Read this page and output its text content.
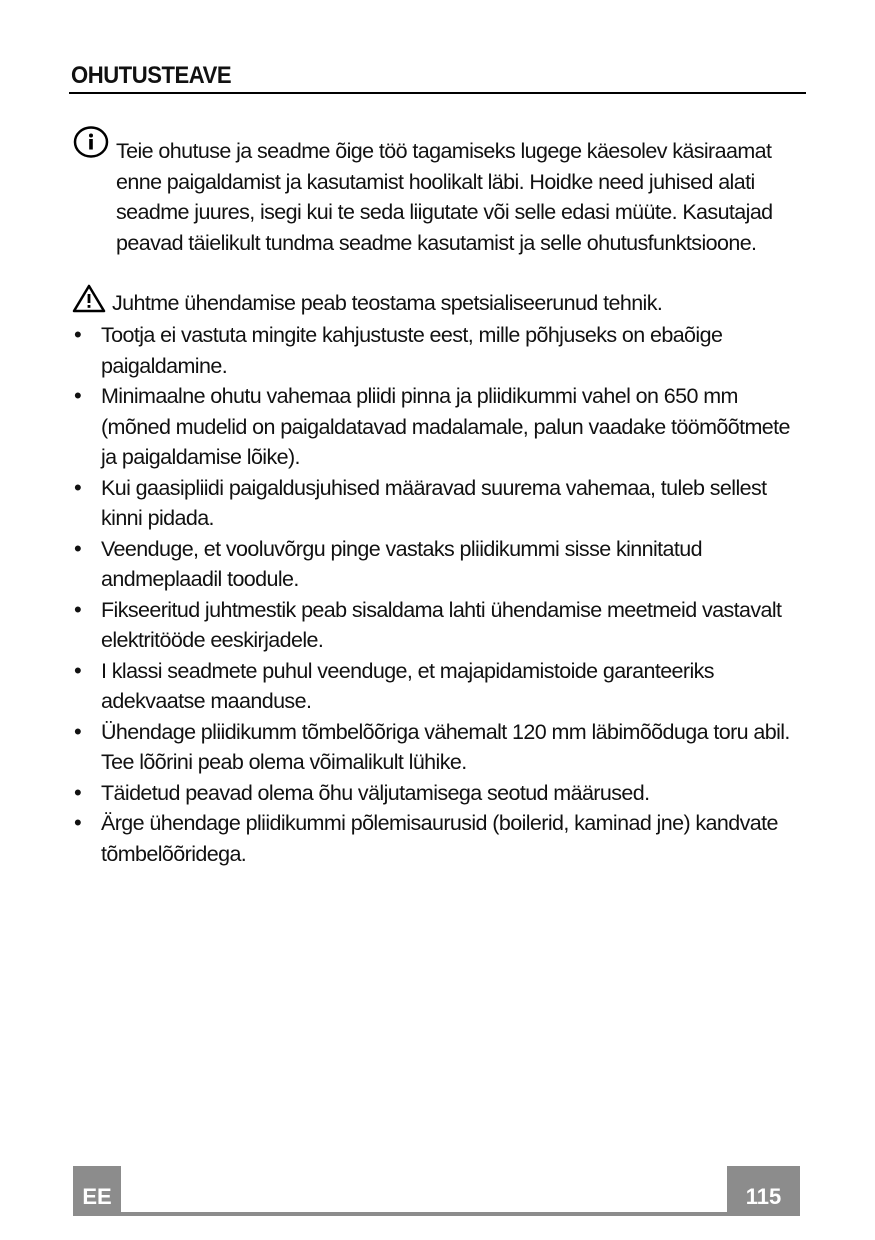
OHUTUSTEAVE
Teie ohutuse ja seadme õige töö tagamiseks lugege käesolev käsiraamat enne paigaldamist ja kasutamist hoolikalt läbi. Hoidke need juhised alati seadme juures, isegi kui te seda liigutate või selle edasi müüte. Kasutajad peavad täielikult tundma seadme kasutamist ja selle ohutusfunktsioone.
Juhtme ühendamise peab teostama spetsialiseerunud tehnik.
• Tootja ei vastuta mingite kahjustuste eest, mille põhjuseks on ebaõige paigaldamine.
• Minimaalne ohutu vahemaa pliidi pinna ja pliidikummi vahel on 650 mm (mõned mudelid on paigaldatavad madalamale, palun vaadake töömõõtmete ja paigaldamise lõike).
• Kui gaasipliidi paigaldusjuhised määravad suurema vahemaa, tuleb sellest kinni pidada.
• Veenduge, et vooluvõrgu pinge vastaks pliidikummi sisse kinnitatud andmeplaadil toodule.
• Fikseeritud juhtmestik peab sisaldama lahti ühendamise meetmeid vastavalt elektritööde eeskirjadele.
• I klassi seadmete puhul veenduge, et majapidamistoide garanteeriks adekvaatse maanduse.
• Ühendage pliidikumm tõmbelõõriga vähemalt 120 mm läbimõõduga toru abil. Tee lõõrini peab olema võimalikult lühike.
• Täidetud peavad olema õhu väljutamisega seotud määrused.
• Ärge ühendage pliidikummi põlemisaurusid (boilerid, kaminad jne) kandvate tõmbelõõridega.
EE	115
